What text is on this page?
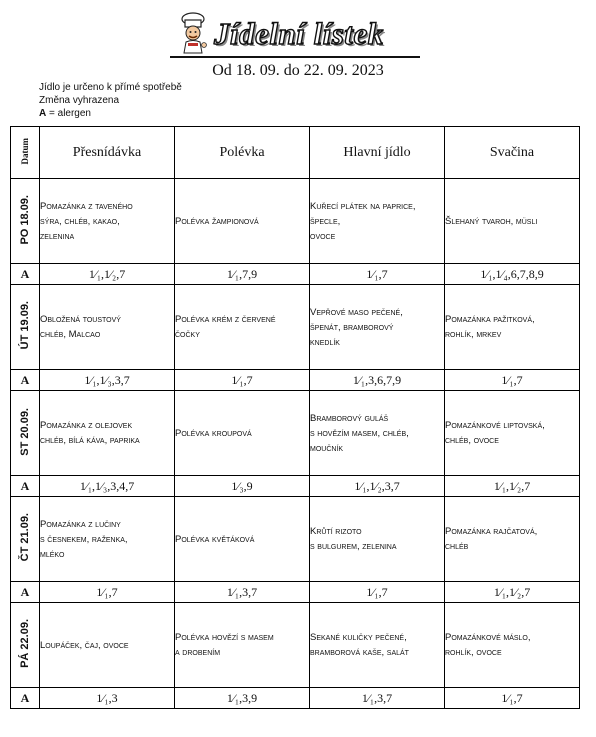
Jídelní lístek
Od 18. 09. do 22. 09. 2023
Jídlo je určeno k přímé spotřebě
Změna vyhrazena
A = alergen
Datum	Přesnídávka	Polévka	Hlavní jídlo	Svačina
PO 18.09.	Pomazánka z taveného
sýra, chléb, kakao,
zelenina	Polévka žampionová	Kuřecí plátek na paprice,
špecle,
ovoce	Šlehaný tvaroh, müsli

A	1⁄₁,1⁄₂,7	1⁄₁,7,9	1⁄₁,7	1⁄₁,1⁄₄,6,7,8,9
ÚT 19.09.	Obložená toustový
chléb, Malcao	Polévka krém z červené
čočky	Vepřové maso pečené,
špenát, bramborový
knedlík	Pomazánka pažitková,
rohlík, mrkev

A	1⁄₁,1⁄₃,3,7	1⁄₁,7	1⁄₁,3,6,7,9	1⁄₁,7
ST 20.09.	Pomazánka z olejovek
chléb, bílá káva, paprika	Polévka kroupová	Bramborový guláš
s hovězím masem, chléb,
moučník	Pomazánkové liptovská,
chléb, ovoce

A	1⁄₁,1⁄₃,3,4,7	1⁄₃,9	1⁄₁,1⁄₂,3,7	1⁄₁,1⁄₂,7
ČT 21.09.	Pomazánka z lučiny
s česnekem, raženka,
mléko	Polévka květáková	Krůtí rizoto
s bulgurem, zelenina	Pomazánka rajčatová,
chléb

A	1⁄₁,7	1⁄₁,3,7	1⁄₁,7	1⁄₁,1⁄₂,7
PÁ 22.09.	Loupáček, čaj, ovoce	Polévka hovězí s masem
a drobením	Sekané kuličky pečené,
bramborová kaše, salát	Pomazánkové máslo,
rohlík, ovoce

A	1⁄₁,3	1⁄₁,3,9	1⁄₁,3,7	1⁄₁,7
